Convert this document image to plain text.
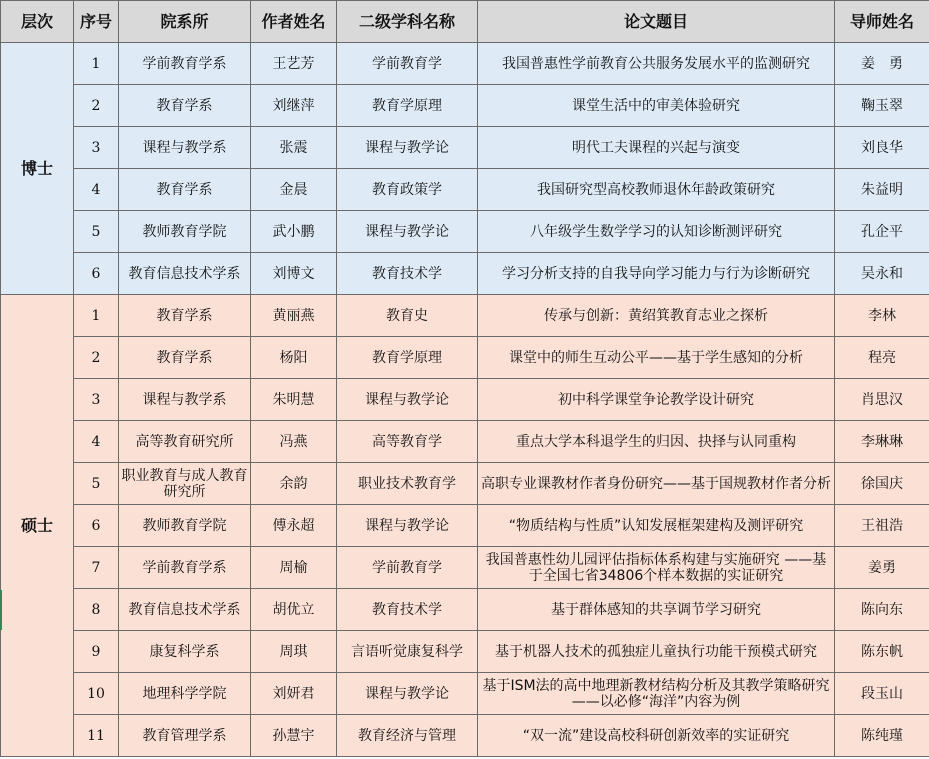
层次	序号	院系所	作者姓名	二级学科名称	论文题目	导师姓名
博士	1	学前教育学系	王艺芳	学前教育学	我国普惠性学前教育公共服务发展水平的监测研究	姜　勇
	2	教育学系	刘继萍	教育学原理	课堂生活中的审美体验研究	鞠玉翠
	3	课程与教学系	张震	课程与教学论	明代工夫课程的兴起与演变	刘良华
	4	教育学系	金晨	教育政策学	我国研究型高校教师退休年龄政策研究	朱益明
	5	教师教育学院	武小鹏	课程与教学论	八年级学生数学学习的认知诊断测评研究	孔企平
	6	教育信息技术学系	刘博文	教育技术学	学习分析支持的自我导向学习能力与行为诊断研究	吴永和
硕士	1	教育学系	黄丽燕	教育史	传承与创新：黄绍箕教育志业之探析	李林
	2	教育学系	杨阳	教育学原理	课堂中的师生互动公平——基于学生感知的分析	程亮
	3	课程与教学系	朱明慧	课程与教学论	初中科学课堂争论教学设计研究	肖思汉
	4	高等教育研究所	冯燕	高等教育学	重点大学本科退学生的归因、抉择与认同重构	李琳琳
	5	职业教育与成人教育研究所	余韵	职业技术教育学	高职专业课教材作者身份研究——基于国规教材作者分析	徐国庆
	6	教师教育学院	傅永超	课程与教学论	“物质结构与性质”认知发展框架建构及测评研究	王祖浩
	7	学前教育学系	周榆	学前教育学	我国普惠性幼儿园评估指标体系构建与实施研究 ——基于全国七省34806个样本数据的实证研究	姜勇
	8	教育信息技术学系	胡优立	教育技术学	基于群体感知的共享调节学习研究	陈向东
	9	康复科学系	周琪	言语听觉康复科学	基于机器人技术的孤独症儿童执行功能干预模式研究	陈东帆
	10	地理科学学院	刘妍君	课程与教学论	基于ISM法的高中地理新教材结构分析及其教学策略研究——以必修“海洋”内容为例	段玉山
	11	教育管理学系	孙慧宇	教育经济与管理	“双一流”建设高校科研创新效率的实证研究	陈纯瑾
